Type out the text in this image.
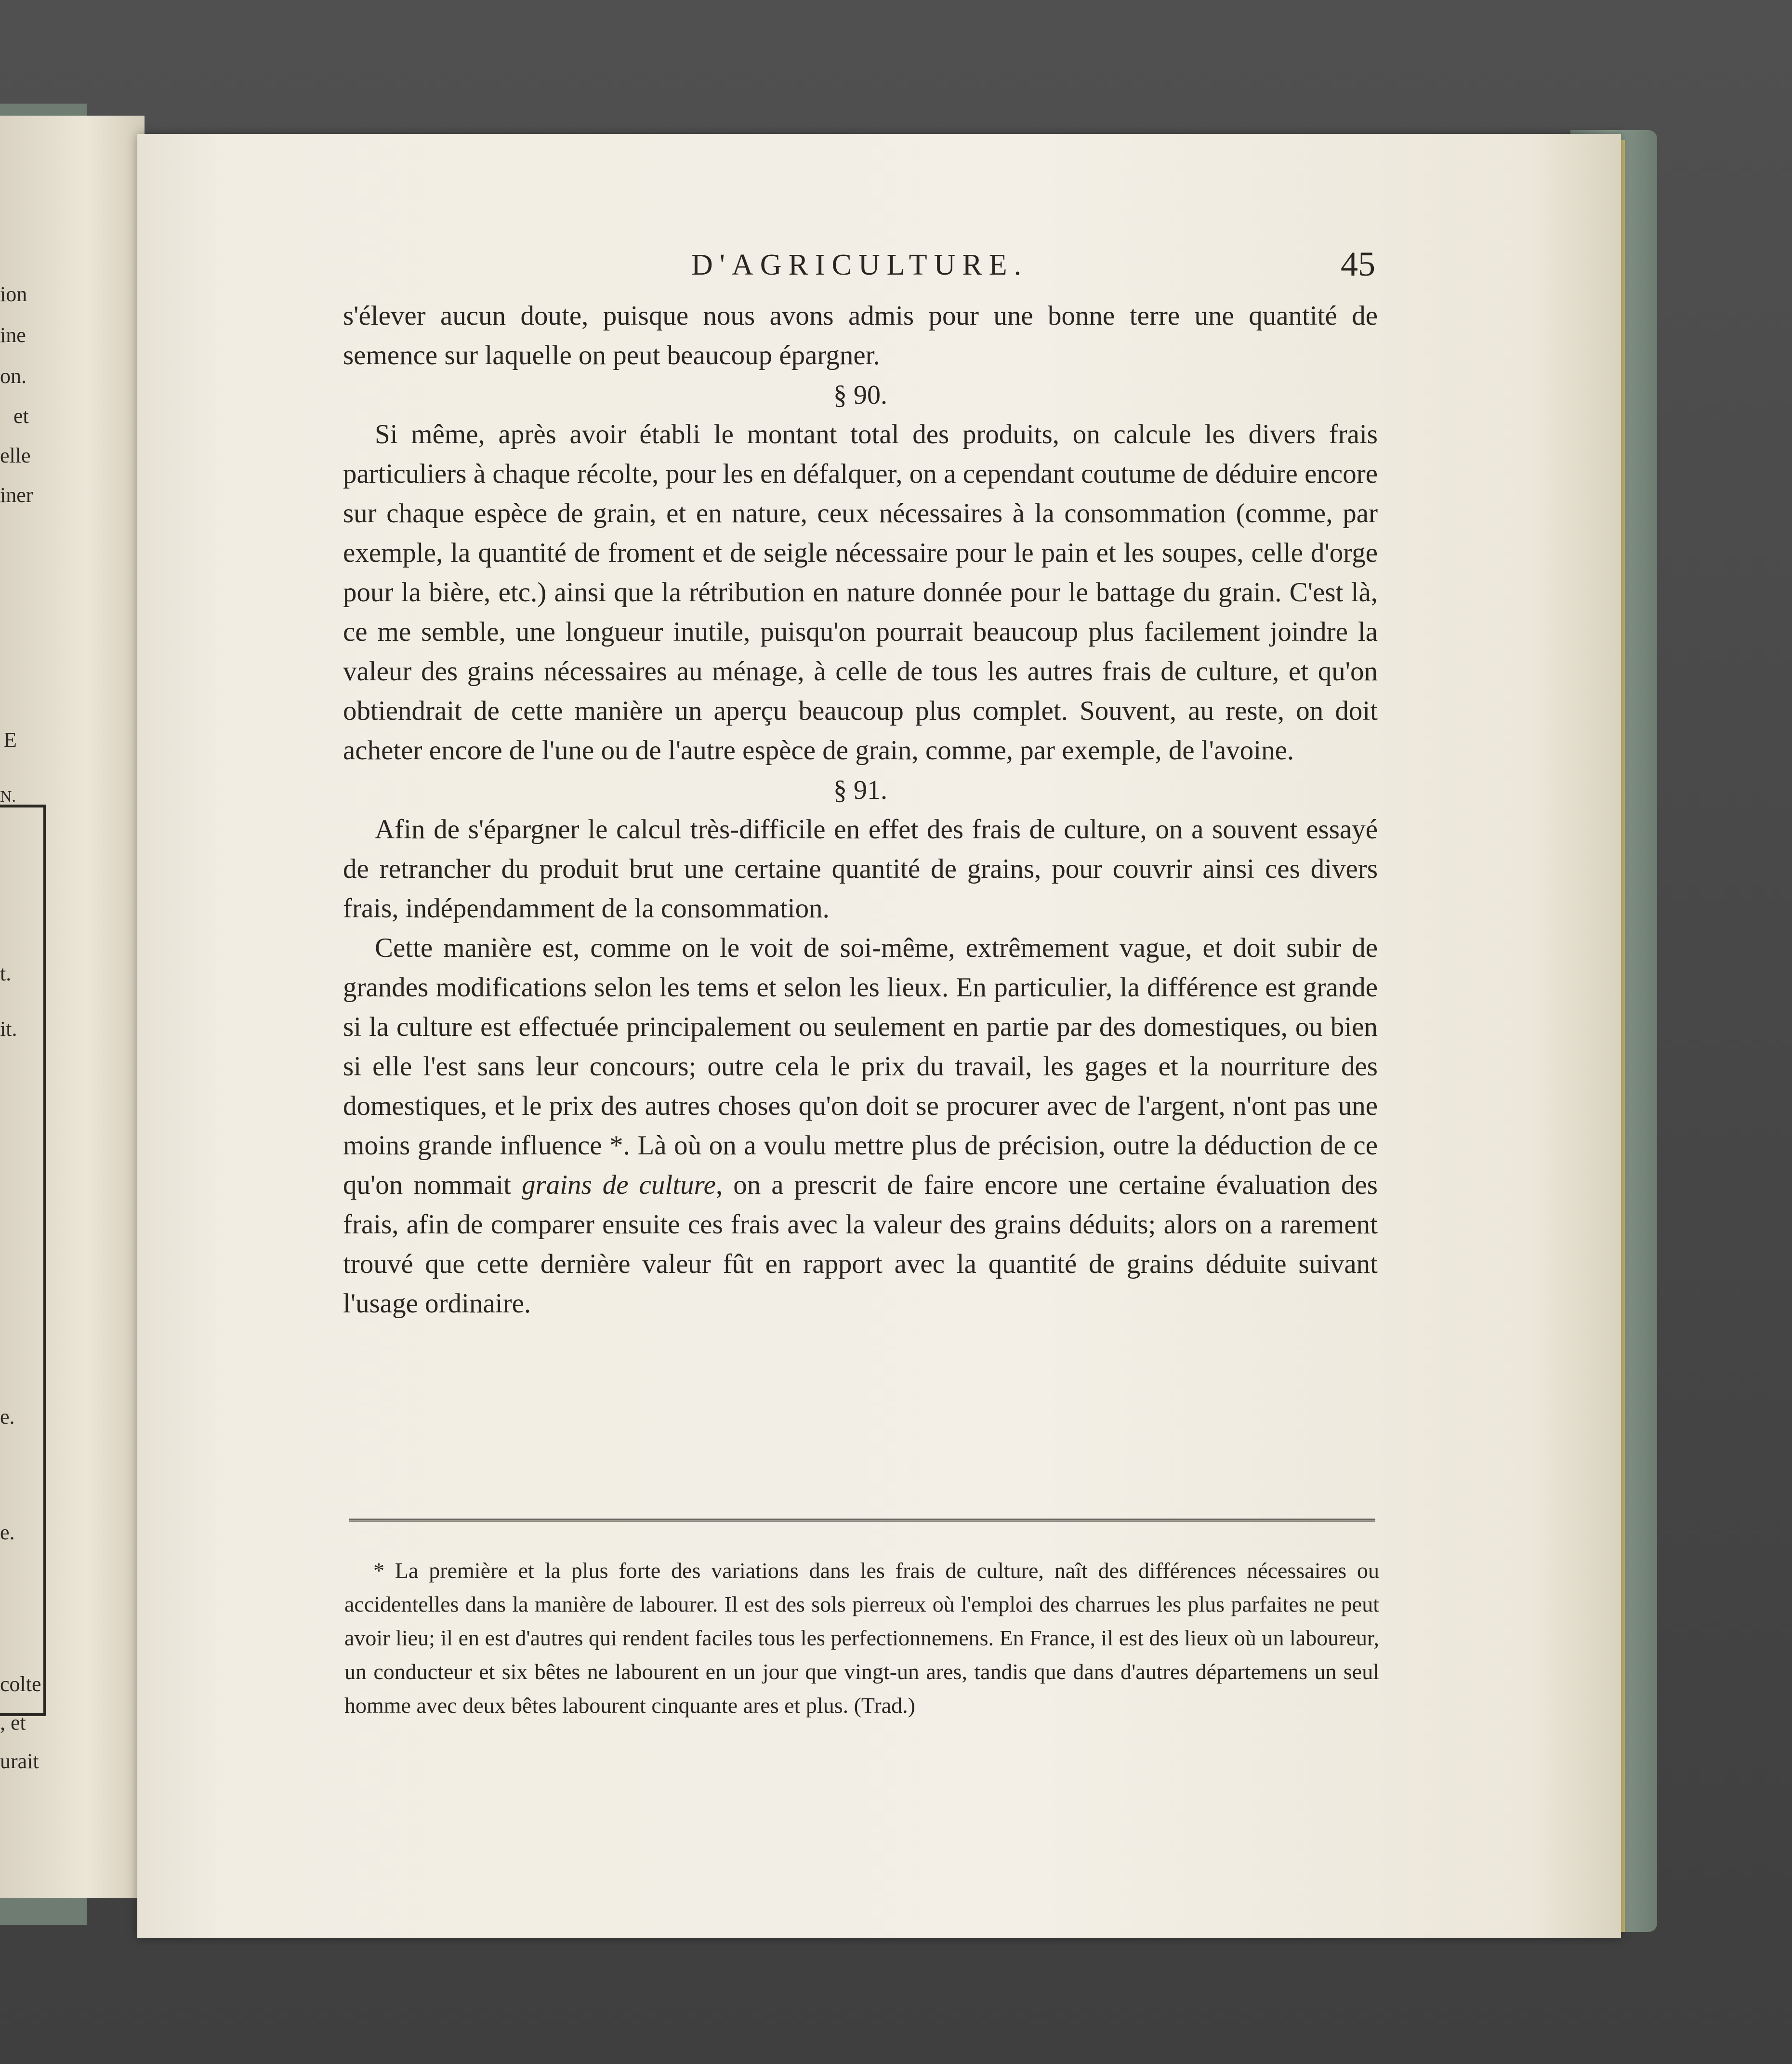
ion
ine
on.
et
elle
iner
E
N.
t.
it.
e.
e.
colte
, et
urait
D'AGRICULTURE.	45

s'élever aucun doute, puisque nous avons admis pour une bonne terre une quantité de semence sur laquelle on peut beaucoup épargner.

§ 90.

Si même, après avoir établi le montant total des produits, on calcule les divers frais particuliers à chaque récolte, pour les en défalquer, on a cependant coutume de déduire encore sur chaque espèce de grain, et en nature, ceux nécessaires à la consommation (comme, par exemple, la quantité de froment et de seigle nécessaire pour le pain et les soupes, celle d'orge pour la bière, etc.) ainsi que la rétribution en nature donnée pour le battage du grain. C'est là, ce me semble, une longueur inutile, puisqu'on pourrait beaucoup plus facilement joindre la valeur des grains nécessaires au ménage, à celle de tous les autres frais de culture, et qu'on obtiendrait de cette manière un aperçu beaucoup plus complet. Souvent, au reste, on doit acheter encore de l'une ou de l'autre espèce de grain, comme, par exemple, de l'avoine.

§ 91.

Afin de s'épargner le calcul très-difficile en effet des frais de culture, on a souvent essayé de retrancher du produit brut une certaine quantité de grains, pour couvrir ainsi ces divers frais, indépendamment de la consommation.

Cette manière est, comme on le voit de soi-même, extrêmement vague, et doit subir de grandes modifications selon les tems et selon les lieux. En particulier, la différence est grande si la culture est effectuée principalement ou seulement en partie par des domestiques, ou bien si elle l'est sans leur concours; outre cela le prix du travail, les gages et la nourriture des domestiques, et le prix des autres choses qu'on doit se procurer avec de l'argent, n'ont pas une moins grande influence *. Là où on a voulu mettre plus de précision, outre la déduction de ce qu'on nommait grains de culture, on a prescrit de faire encore une certaine évaluation des frais, afin de comparer ensuite ces frais avec la valeur des grains déduits; alors on a rarement trouvé que cette dernière valeur fût en rapport avec la quantité de grains déduite suivant l'usage ordinaire.

* La première et la plus forte des variations dans les frais de culture, naît des différences nécessaires ou accidentelles dans la manière de labourer. Il est des sols pierreux où l'emploi des charrues les plus parfaites ne peut avoir lieu; il en est d'autres qui rendent faciles tous les perfectionnemens. En France, il est des lieux où un laboureur, un conducteur et six bêtes ne labourent en un jour que vingt-un ares, tandis que dans d'autres départemens un seul homme avec deux bêtes labourent cinquante ares et plus. (Trad.)
